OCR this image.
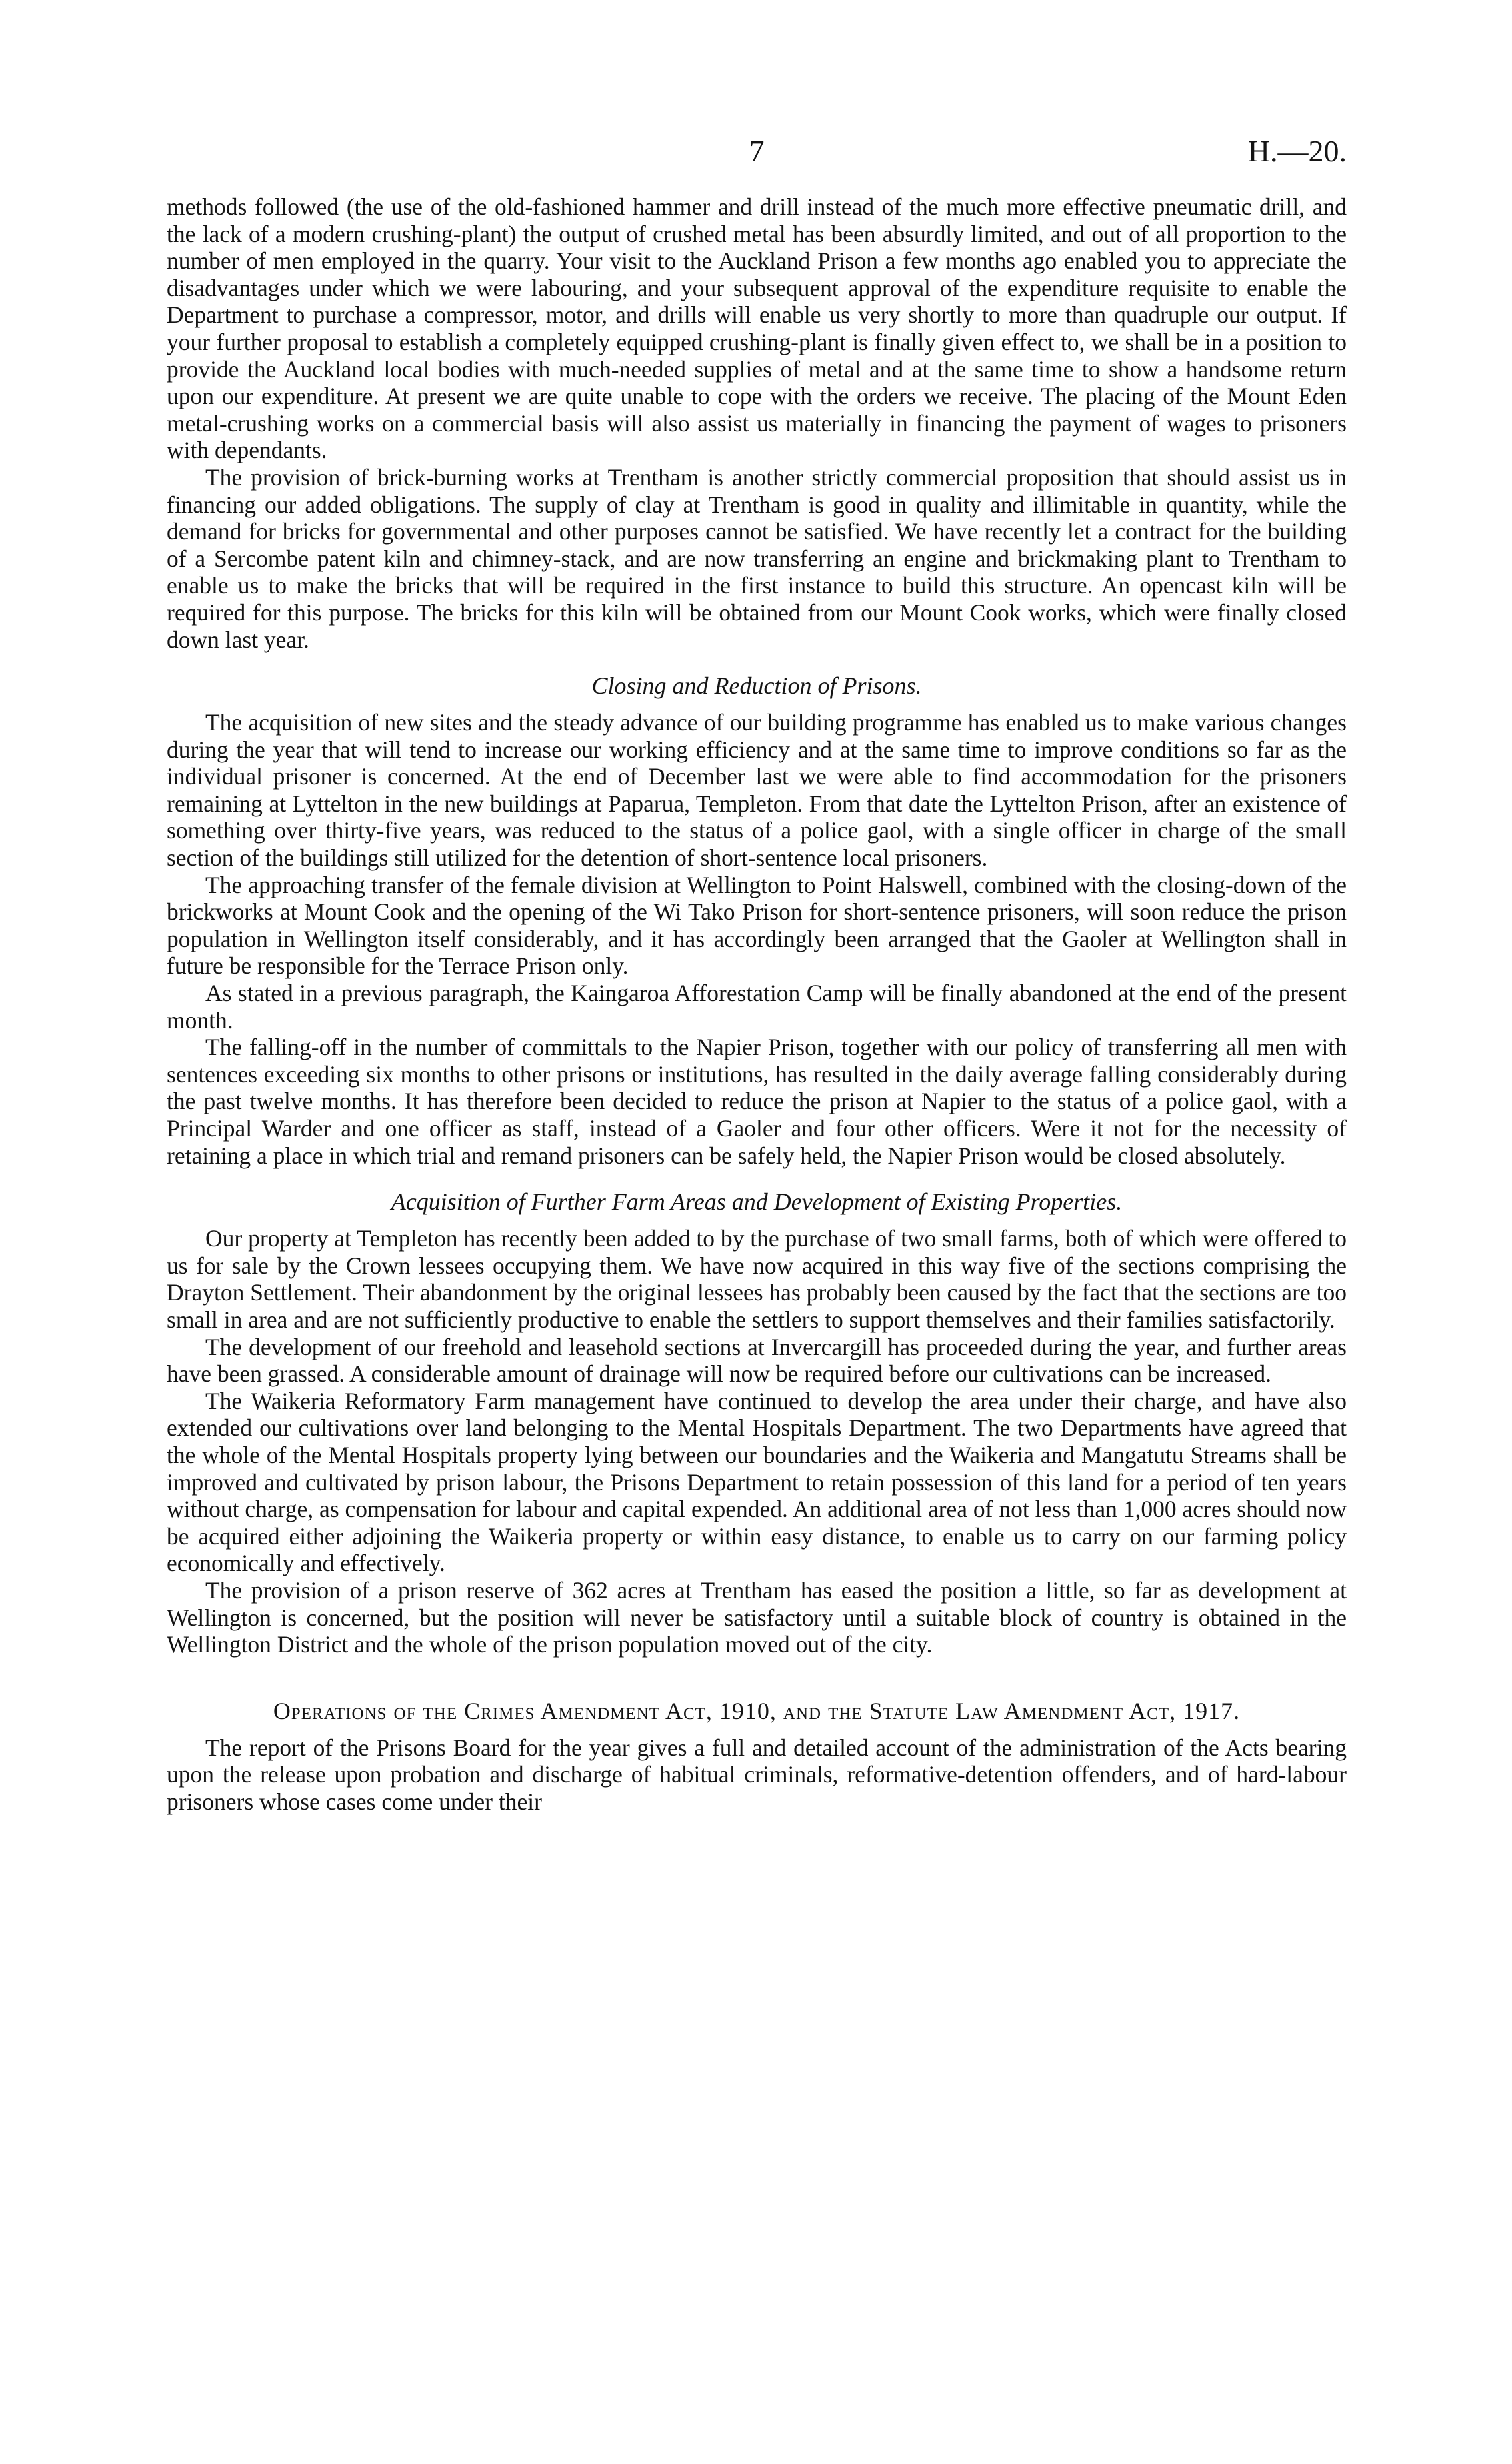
7	H.—20.

methods followed (the use of the old-fashioned hammer and drill instead of the much more effective pneumatic drill, and the lack of a modern crushing-plant) the output of crushed metal has been absurdly limited, and out of all proportion to the number of men employed in the quarry. Your visit to the Auckland Prison a few months ago enabled you to appreciate the disadvantages under which we were labouring, and your subsequent approval of the expenditure requisite to enable the Department to purchase a compressor, motor, and drills will enable us very shortly to more than quadruple our output. If your further proposal to establish a completely equipped crushing-plant is finally given effect to, we shall be in a position to provide the Auckland local bodies with much-needed supplies of metal and at the same time to show a handsome return upon our expenditure. At present we are quite unable to cope with the orders we receive. The placing of the Mount Eden metal-crushing works on a commercial basis will also assist us materially in financing the payment of wages to prisoners with dependants.

The provision of brick-burning works at Trentham is another strictly commercial proposition that should assist us in financing our added obligations. The supply of clay at Trentham is good in quality and illimitable in quantity, while the demand for bricks for governmental and other purposes cannot be satisfied. We have recently let a contract for the building of a Sercombe patent kiln and chimney-stack, and are now transferring an engine and brickmaking plant to Trentham to enable us to make the bricks that will be required in the first instance to build this structure. An opencast kiln will be required for this purpose. The bricks for this kiln will be obtained from our Mount Cook works, which were finally closed down last year.

Closing and Reduction of Prisons.

The acquisition of new sites and the steady advance of our building programme has enabled us to make various changes during the year that will tend to increase our working efficiency and at the same time to improve conditions so far as the individual prisoner is concerned. At the end of December last we were able to find accommodation for the prisoners remaining at Lyttelton in the new buildings at Paparua, Templeton. From that date the Lyttelton Prison, after an existence of something over thirty-five years, was reduced to the status of a police gaol, with a single officer in charge of the small section of the buildings still utilized for the detention of short-sentence local prisoners.

The approaching transfer of the female division at Wellington to Point Halswell, combined with the closing-down of the brickworks at Mount Cook and the opening of the Wi Tako Prison for short-sentence prisoners, will soon reduce the prison population in Wellington itself considerably, and it has accordingly been arranged that the Gaoler at Wellington shall in future be responsible for the Terrace Prison only.

As stated in a previous paragraph, the Kaingaroa Afforestation Camp will be finally abandoned at the end of the present month.

The falling-off in the number of committals to the Napier Prison, together with our policy of transferring all men with sentences exceeding six months to other prisons or institutions, has resulted in the daily average falling considerably during the past twelve months. It has therefore been decided to reduce the prison at Napier to the status of a police gaol, with a Principal Warder and one officer as staff, instead of a Gaoler and four other officers. Were it not for the necessity of retaining a place in which trial and remand prisoners can be safely held, the Napier Prison would be closed absolutely.

Acquisition of Further Farm Areas and Development of Existing Properties.

Our property at Templeton has recently been added to by the purchase of two small farms, both of which were offered to us for sale by the Crown lessees occupying them. We have now acquired in this way five of the sections comprising the Drayton Settlement. Their abandonment by the original lessees has probably been caused by the fact that the sections are too small in area and are not sufficiently productive to enable the settlers to support themselves and their families satisfactorily.

The development of our freehold and leasehold sections at Invercargill has proceeded during the year, and further areas have been grassed. A considerable amount of drainage will now be required before our cultivations can be increased.

The Waikeria Reformatory Farm management have continued to develop the area under their charge, and have also extended our cultivations over land belonging to the Mental Hospitals Department. The two Departments have agreed that the whole of the Mental Hospitals property lying between our boundaries and the Waikeria and Mangatutu Streams shall be improved and cultivated by prison labour, the Prisons Department to retain possession of this land for a period of ten years without charge, as compensation for labour and capital expended. An additional area of not less than 1,000 acres should now be acquired either adjoining the Waikeria property or within easy distance, to enable us to carry on our farming policy economically and effectively.

The provision of a prison reserve of 362 acres at Trentham has eased the position a little, so far as development at Wellington is concerned, but the position will never be satisfactory until a suitable block of country is obtained in the Wellington District and the whole of the prison population moved out of the city.

Operations of the Crimes Amendment Act, 1910, and the Statute Law Amendment Act, 1917.

The report of the Prisons Board for the year gives a full and detailed account of the administration of the Acts bearing upon the release upon probation and discharge of habitual criminals, reformative-detention offenders, and of hard-labour prisoners whose cases come under their
